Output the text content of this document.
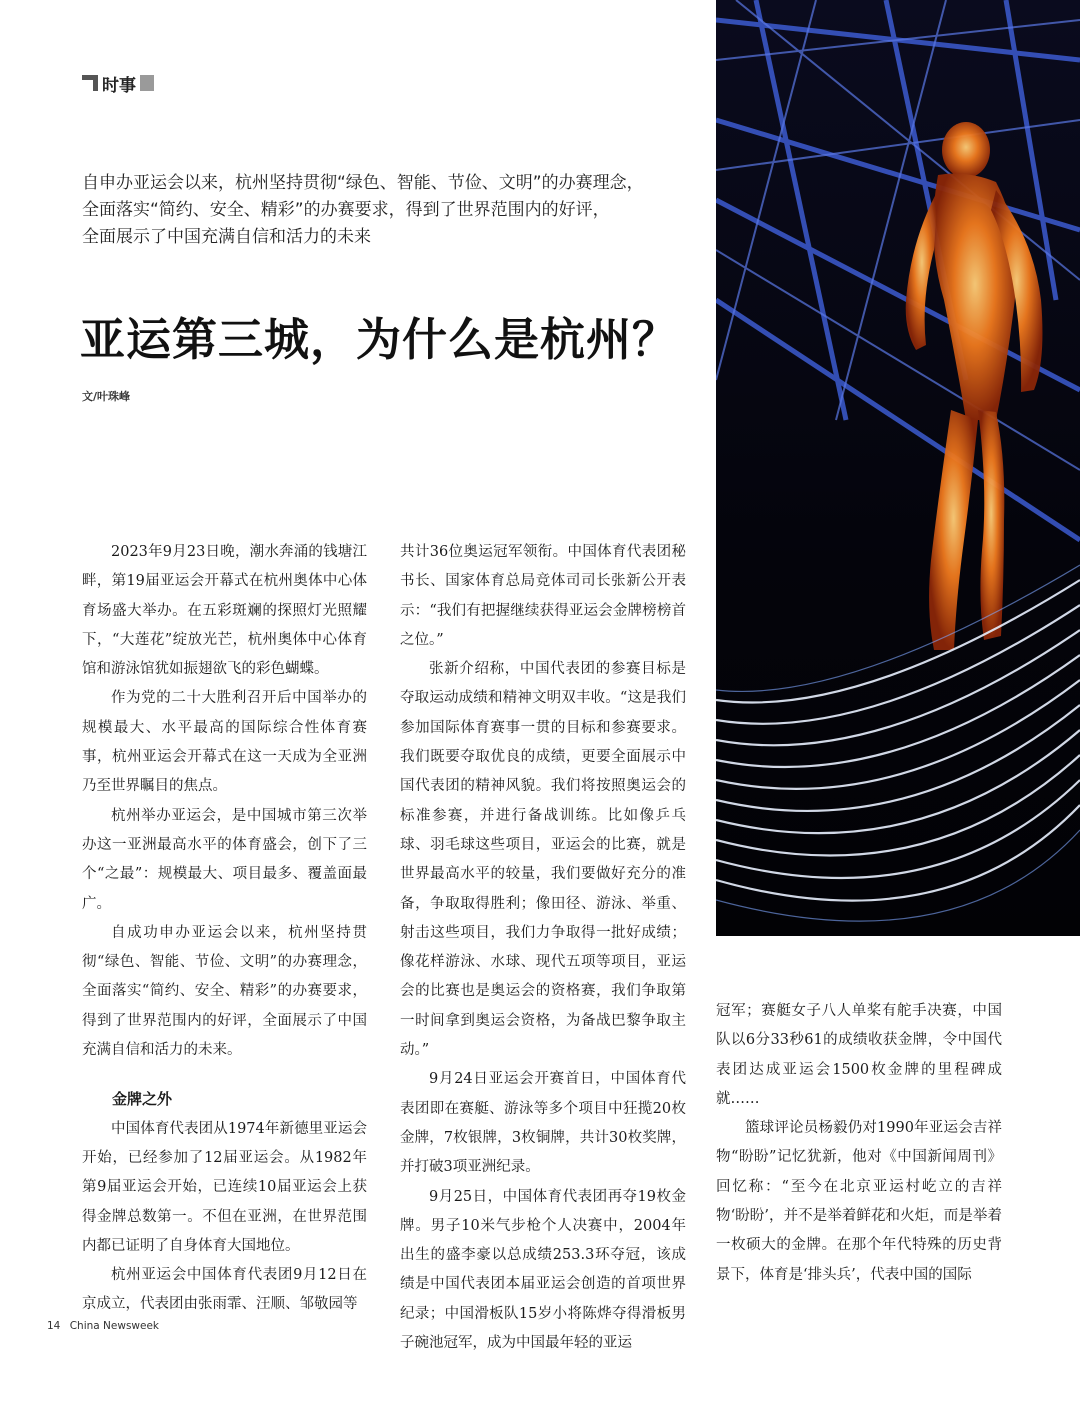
时事
自申办亚运会以来，杭州坚持贯彻“绿色、智能、节俭、文明”的办赛理念，
全面落实“简约、安全、精彩”的办赛要求，得到了世界范围内的好评，
全面展示了中国充满自信和活力的未来
亚运第三城，为什么是杭州？
文/叶珠峰

2023年9月23日晚，潮水奔涌的钱塘江畔，第19届亚运会开幕式在杭州奥体中心体育场盛大举办。在五彩斑斓的探照灯光照耀下，“大莲花”绽放光芒，杭州奥体中心体育馆和游泳馆犹如振翅欲飞的彩色蝴蝶。

作为党的二十大胜利召开后中国举办的规模最大、水平最高的国际综合性体育赛事，杭州亚运会开幕式在这一天成为全亚洲乃至世界瞩目的焦点。

杭州举办亚运会，是中国城市第三次举办这一亚洲最高水平的体育盛会，创下了三个“之最”：规模最大、项目最多、覆盖面最广。

自成功申办亚运会以来，杭州坚持贯彻“绿色、智能、节俭、文明”的办赛理念，全面落实“简约、安全、精彩”的办赛要求，得到了世界范围内的好评，全面展示了中国充满自信和活力的未来。

金牌之外

中国体育代表团从1974年新德里亚运会开始，已经参加了12届亚运会。从1982年第9届亚运会开始，已连续10届亚运会上获得金牌总数第一。不但在亚洲，在世界范围内都已证明了自身体育大国地位。

杭州亚运会中国体育代表团9月12日在京成立，代表团由张雨霏、汪顺、邹敬园等

共计36位奥运冠军领衔。中国体育代表团秘书长、国家体育总局竞体司司长张新公开表示：“我们有把握继续获得亚运会金牌榜榜首之位。”

张新介绍称，中国代表团的参赛目标是夺取运动成绩和精神文明双丰收。“这是我们参加国际体育赛事一贯的目标和参赛要求。我们既要夺取优良的成绩，更要全面展示中国代表团的精神风貌。我们将按照奥运会的标准参赛，并进行备战训练。比如像乒乓球、羽毛球这些项目，亚运会的比赛，就是世界最高水平的较量，我们要做好充分的准备，争取取得胜利；像田径、游泳、举重、射击这些项目，我们力争取得一批好成绩；像花样游泳、水球、现代五项等项目，亚运会的比赛也是奥运会的资格赛，我们争取第一时间拿到奥运会资格，为备战巴黎争取主动。”

9月24日亚运会开赛首日，中国体育代表团即在赛艇、游泳等多个项目中狂揽20枚金牌，7枚银牌，3枚铜牌，共计30枚奖牌，并打破3项亚洲纪录。

9月25日，中国体育代表团再夺19枚金牌。男子10米气步枪个人决赛中，2004年出生的盛李豪以总成绩253.3环夺冠，该成绩是中国代表团本届亚运会创造的首项世界纪录；中国滑板队15岁小将陈烨夺得滑板男子碗池冠军，成为中国最年轻的亚运

冠军；赛艇女子八人单桨有舵手决赛，中国队以6分33秒61的成绩收获金牌，令中国代表团达成亚运会1500枚金牌的里程碑成就……

篮球评论员杨毅仍对1990年亚运会吉祥物“盼盼”记忆犹新，他对《中国新闻周刊》回忆称：“至今在北京亚运村屹立的吉祥物‘盼盼’，并不是举着鲜花和火炬，而是举着一枚硕大的金牌。在那个年代特殊的历史背景下，体育是‘排头兵’，代表中国的国际

14 China Newsweek
